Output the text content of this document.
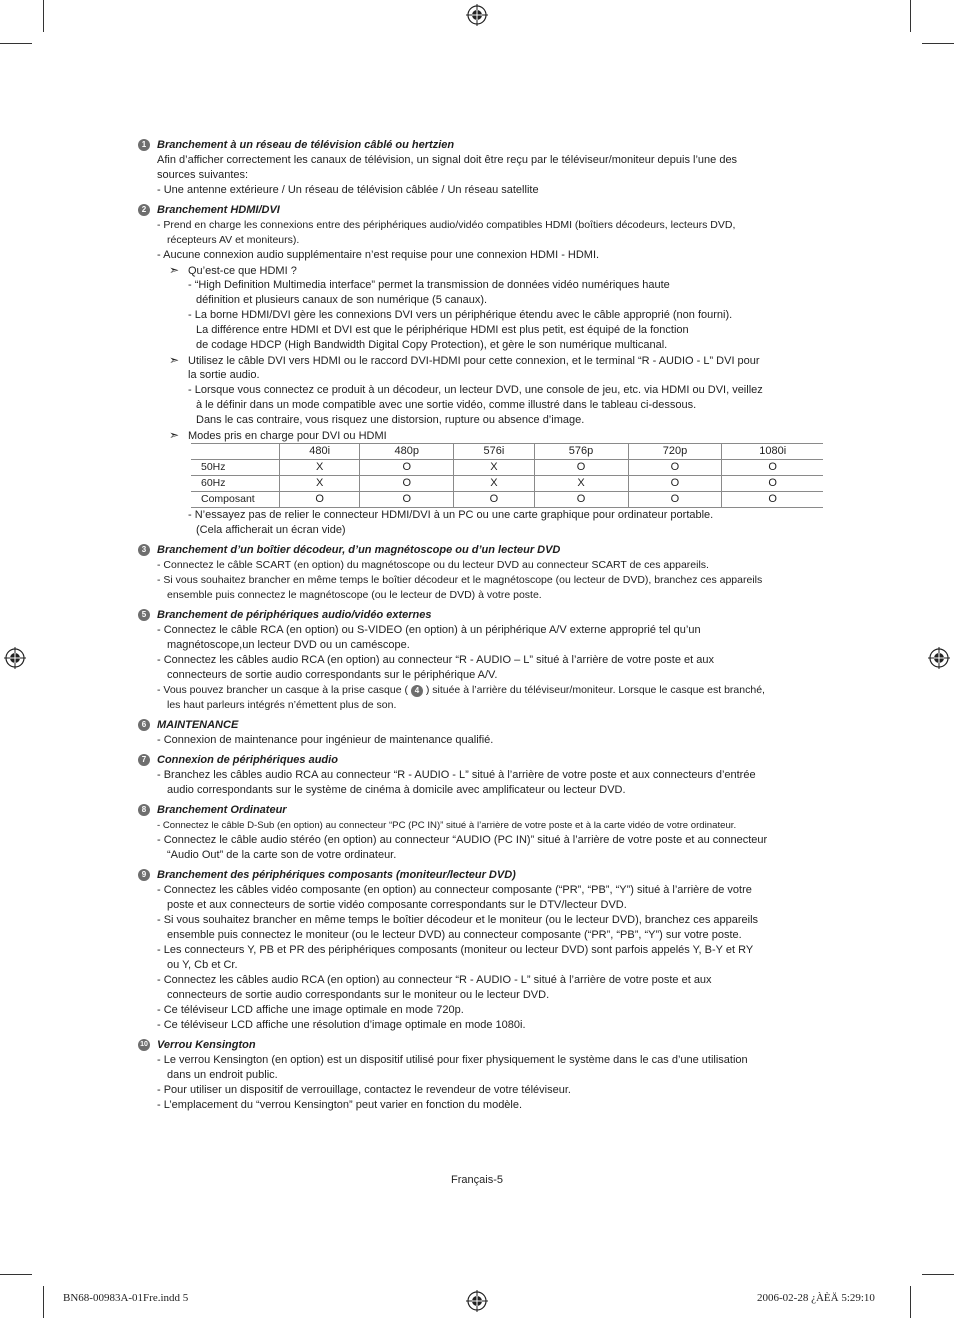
1 Branchement à un réseau de télévision câblé ou hertzien
Afin d’afficher correctement les canaux de télévision, un signal doit être reçu par le téléviseur/moniteur depuis l’une des
sources suivantes:
- Une antenne extérieure / Un réseau de télévision câblée / Un réseau satellite
2 Branchement HDMI/DVI
- Prend en charge les connexions entre des périphériques audio/vidéo compatibles HDMI (boîtiers décodeurs, lecteurs DVD,
récepteurs AV et moniteurs).
- Aucune connexion audio supplémentaire n’est requise pour une connexion HDMI - HDMI.
➣ Qu’est-ce que HDMI ?
- “High Definition Multimedia interface” permet la transmission de données vidéo numériques haute
définition et plusieurs canaux de son numérique (5 canaux).
- La borne HDMI/DVI gère les connexions DVI vers un périphérique étendu avec le câble approprié (non fourni).
La différence entre HDMI et DVI est que le périphérique HDMI est plus petit, est équipé de la fonction
de codage HDCP (High Bandwidth Digital Copy Protection), et gère le son numérique multicanal.
➣ Utilisez le câble DVI vers HDMI ou le raccord DVI-HDMI pour cette connexion, et le terminal “R - AUDIO - L” DVI pour
la sortie audio.
- Lorsque vous connectez ce produit à un décodeur, un lecteur DVD, une console de jeu, etc. via HDMI ou DVI, veillez
à le définir dans un mode compatible avec une sortie vidéo, comme illustré dans le tableau ci-dessous.
Dans le cas contraire, vous risquez une distorsion, rupture ou absence d’image.
➣ Modes pris en charge pour DVI ou HDMI
	480i	480p	576i	576p	720p	1080i
50Hz	X	O	X	O	O	O
60Hz	X	O	X	X	O	O
Composant	O	O	O	O	O	O
- N’essayez pas de relier le connecteur HDMI/DVI à un PC ou une carte graphique pour ordinateur portable.
(Cela afficherait un écran vide)
3 Branchement d’un boîtier décodeur, d’un magnétoscope ou d’un lecteur DVD
- Connectez le câble SCART (en option) du magnétoscope ou du lecteur DVD au connecteur SCART de ces appareils.
- Si vous souhaitez brancher en même temps le boîtier décodeur et le magnétoscope (ou lecteur de DVD), branchez ces appareils
ensemble puis connectez le magnétoscope (ou le lecteur de DVD) à votre poste.
5 Branchement de périphériques audio/vidéo externes
- Connectez le câble RCA (en option) ou S-VIDEO (en option) à un périphérique A/V externe approprié tel qu’un
magnétoscope,un lecteur DVD ou un caméscope.
- Connectez les câbles audio RCA (en option) au connecteur “R - AUDIO – L” situé à l’arrière de votre poste et aux
connecteurs de sortie audio correspondants sur le périphérique A/V.
- Vous pouvez brancher un casque à la prise casque ( 4 ) située à l’arrière du téléviseur/moniteur. Lorsque le casque est branché,
les haut parleurs intégrés n’émettent plus de son.
6 MAINTENANCE
- Connexion de maintenance pour ingénieur de maintenance qualifié.
7 Connexion de périphériques audio
- Branchez les câbles audio RCA au connecteur “R - AUDIO - L” situé à l’arrière de votre poste et aux connecteurs d’entrée
audio correspondants sur le système de cinéma à domicile avec amplificateur ou lecteur DVD.
8 Branchement Ordinateur
- Connectez le câble D-Sub (en option) au connecteur “PC (PC IN)” situé à l’arrière de votre poste et à la carte vidéo de votre ordinateur.
- Connectez le câble audio stéréo (en option) au connecteur “AUDIO (PC IN)” situé à l’arrière de votre poste et au connecteur
“Audio Out” de la carte son de votre ordinateur.
9 Branchement des périphériques composants (moniteur/lecteur DVD)
- Connectez les câbles vidéo composante (en option) au connecteur composante (“PR”, “PB”, “Y”) situé à l’arrière de votre
poste et aux connecteurs de sortie vidéo composante correspondants sur le DTV/lecteur DVD.
- Si vous souhaitez brancher en même temps le boîtier décodeur et le moniteur (ou le lecteur DVD), branchez ces appareils
ensemble puis connectez le moniteur (ou le lecteur DVD) au connecteur composante (“PR”, “PB”, “Y”) sur votre poste.
- Les connecteurs Y, PB et PR des périphériques composants (moniteur ou lecteur DVD) sont parfois appelés Y, B-Y et RY
ou Y, Cb et Cr.
- Connectez les câbles audio RCA (en option) au connecteur “R - AUDIO - L” situé à l’arrière de votre poste et aux
connecteurs de sortie audio correspondants sur le moniteur ou le lecteur DVD.
- Ce téléviseur LCD affiche une image optimale en mode 720p.
- Ce téléviseur LCD affiche une résolution d’image optimale en mode 1080i.
10 Verrou Kensington
- Le verrou Kensington (en option) est un dispositif utilisé pour fixer physiquement le système dans le cas d’une utilisation
dans un endroit public.
- Pour utiliser un dispositif de verrouillage, contactez le revendeur de votre téléviseur.
- L’emplacement du “verrou Kensington” peut varier en fonction du modèle.
Français-5
BN68-00983A-01Fre.indd 5	2006-02-28 ¿ÀÈÄ 5:29:10
